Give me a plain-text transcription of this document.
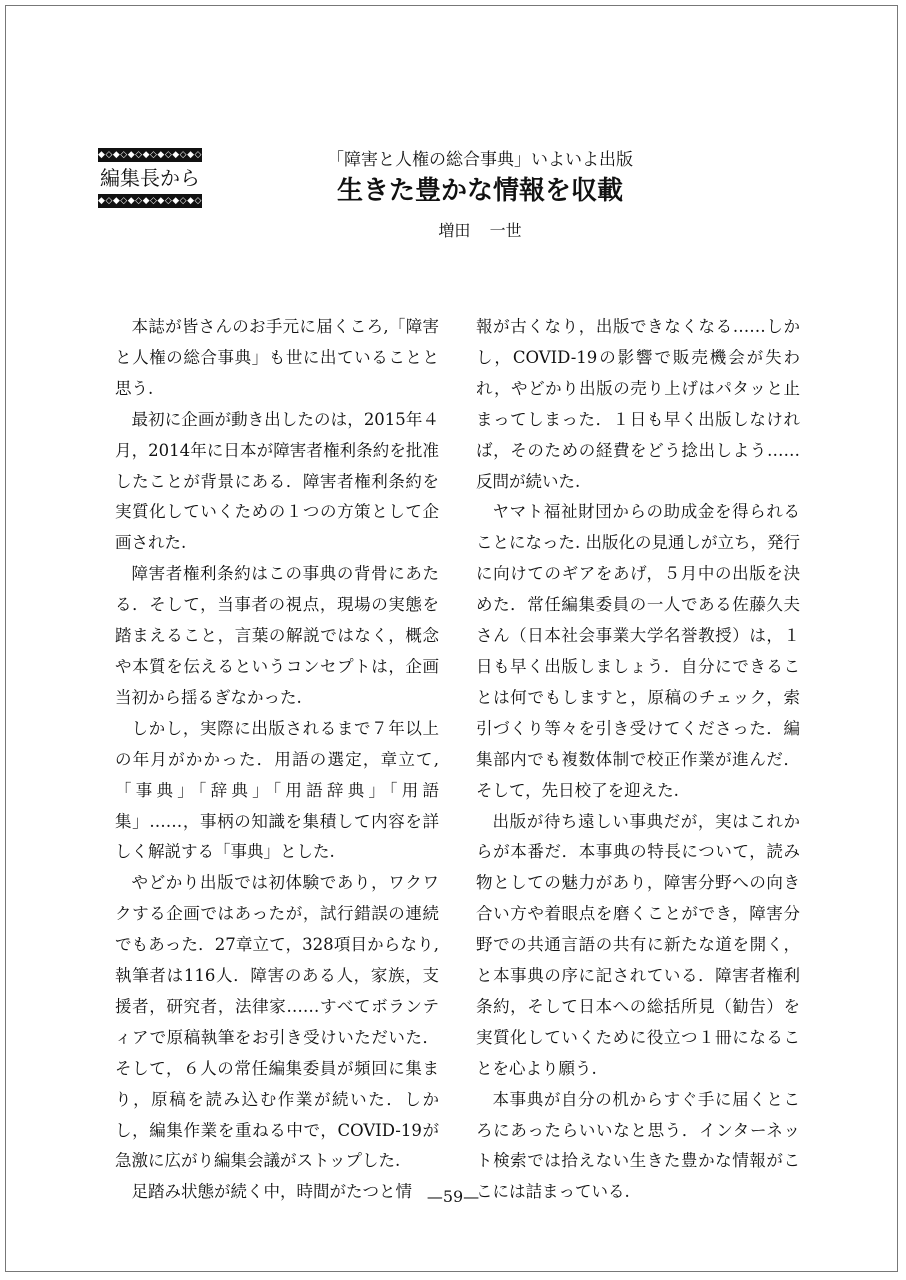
◆◇◆◇◆◇◆◇◆◇◆◇◆◇
編集長から
◆◇◆◇◆◇◆◇◆◇◆◇◆◇
「障害と人権の総合事典」いよいよ出版
生きた豊かな情報を収載
増田 一世

本誌が皆さんのお手元に届くころ,「障害と人権の総合事典」も世に出ていることと思う.

最初に企画が動き出したのは，2015年４月，2014年に日本が障害者権利条約を批准したことが背景にある．障害者権利条約を実質化していくための１つの方策として企画された.

障害者権利条約はこの事典の背骨にあたる．そして，当事者の視点，現場の実態を踏まえること，言葉の解説ではなく，概念や本質を伝えるというコンセプトは，企画当初から揺るぎなかった.

しかし，実際に出版されるまで７年以上の年月がかかった．用語の選定，章立て,「事典」「辞典」「用語辞典」「用語集」……，事柄の知識を集積して内容を詳しく解説する「事典」とした.

やどかり出版では初体験であり，ワクワクする企画ではあったが，試行錯誤の連続でもあった．27章立て，328項目からなり, 執筆者は116人．障害のある人，家族，支援者，研究者，法律家……すべてボランティアで原稿執筆をお引き受けいただいた．そして，６人の常任編集委員が頻回に集まり，原稿を読み込む作業が続いた．しかし，編集作業を重ねる中で，COVID-19が急激に広がり編集会議がストップした.

足踏み状態が続く中，時間がたつと情

報が古くなり，出版できなくなる……しかし，COVID-19の影響で販売機会が失われ，やどかり出版の売り上げはパタッと止まってしまった．１日も早く出版しなければ，そのための経費をどう捻出しよう……反問が続いた.

ヤマト福祉財団からの助成金を得られることになった. 出版化の見通しが立ち，発行に向けてのギアをあげ，５月中の出版を決めた．常任編集委員の一人である佐藤久夫さん（日本社会事業大学名誉教授）は，１日も早く出版しましょう．自分にできることは何でもしますと，原稿のチェック，索引づくり等々を引き受けてくださった．編集部内でも複数体制で校正作業が進んだ．そして，先日校了を迎えた.

出版が待ち遠しい事典だが，実はこれからが本番だ．本事典の特長について，読み物としての魅力があり，障害分野への向き合い方や着眼点を磨くことができ，障害分野での共通言語の共有に新たな道を開く，と本事典の序に記されている．障害者権利条約，そして日本への総括所見（勧告）を実質化していくために役立つ１冊になることを心より願う.

本事典が自分の机からすぐ手に届くところにあったらいいなと思う．インターネット検索では拾えない生きた豊かな情報がここには詰まっている.

—59—
